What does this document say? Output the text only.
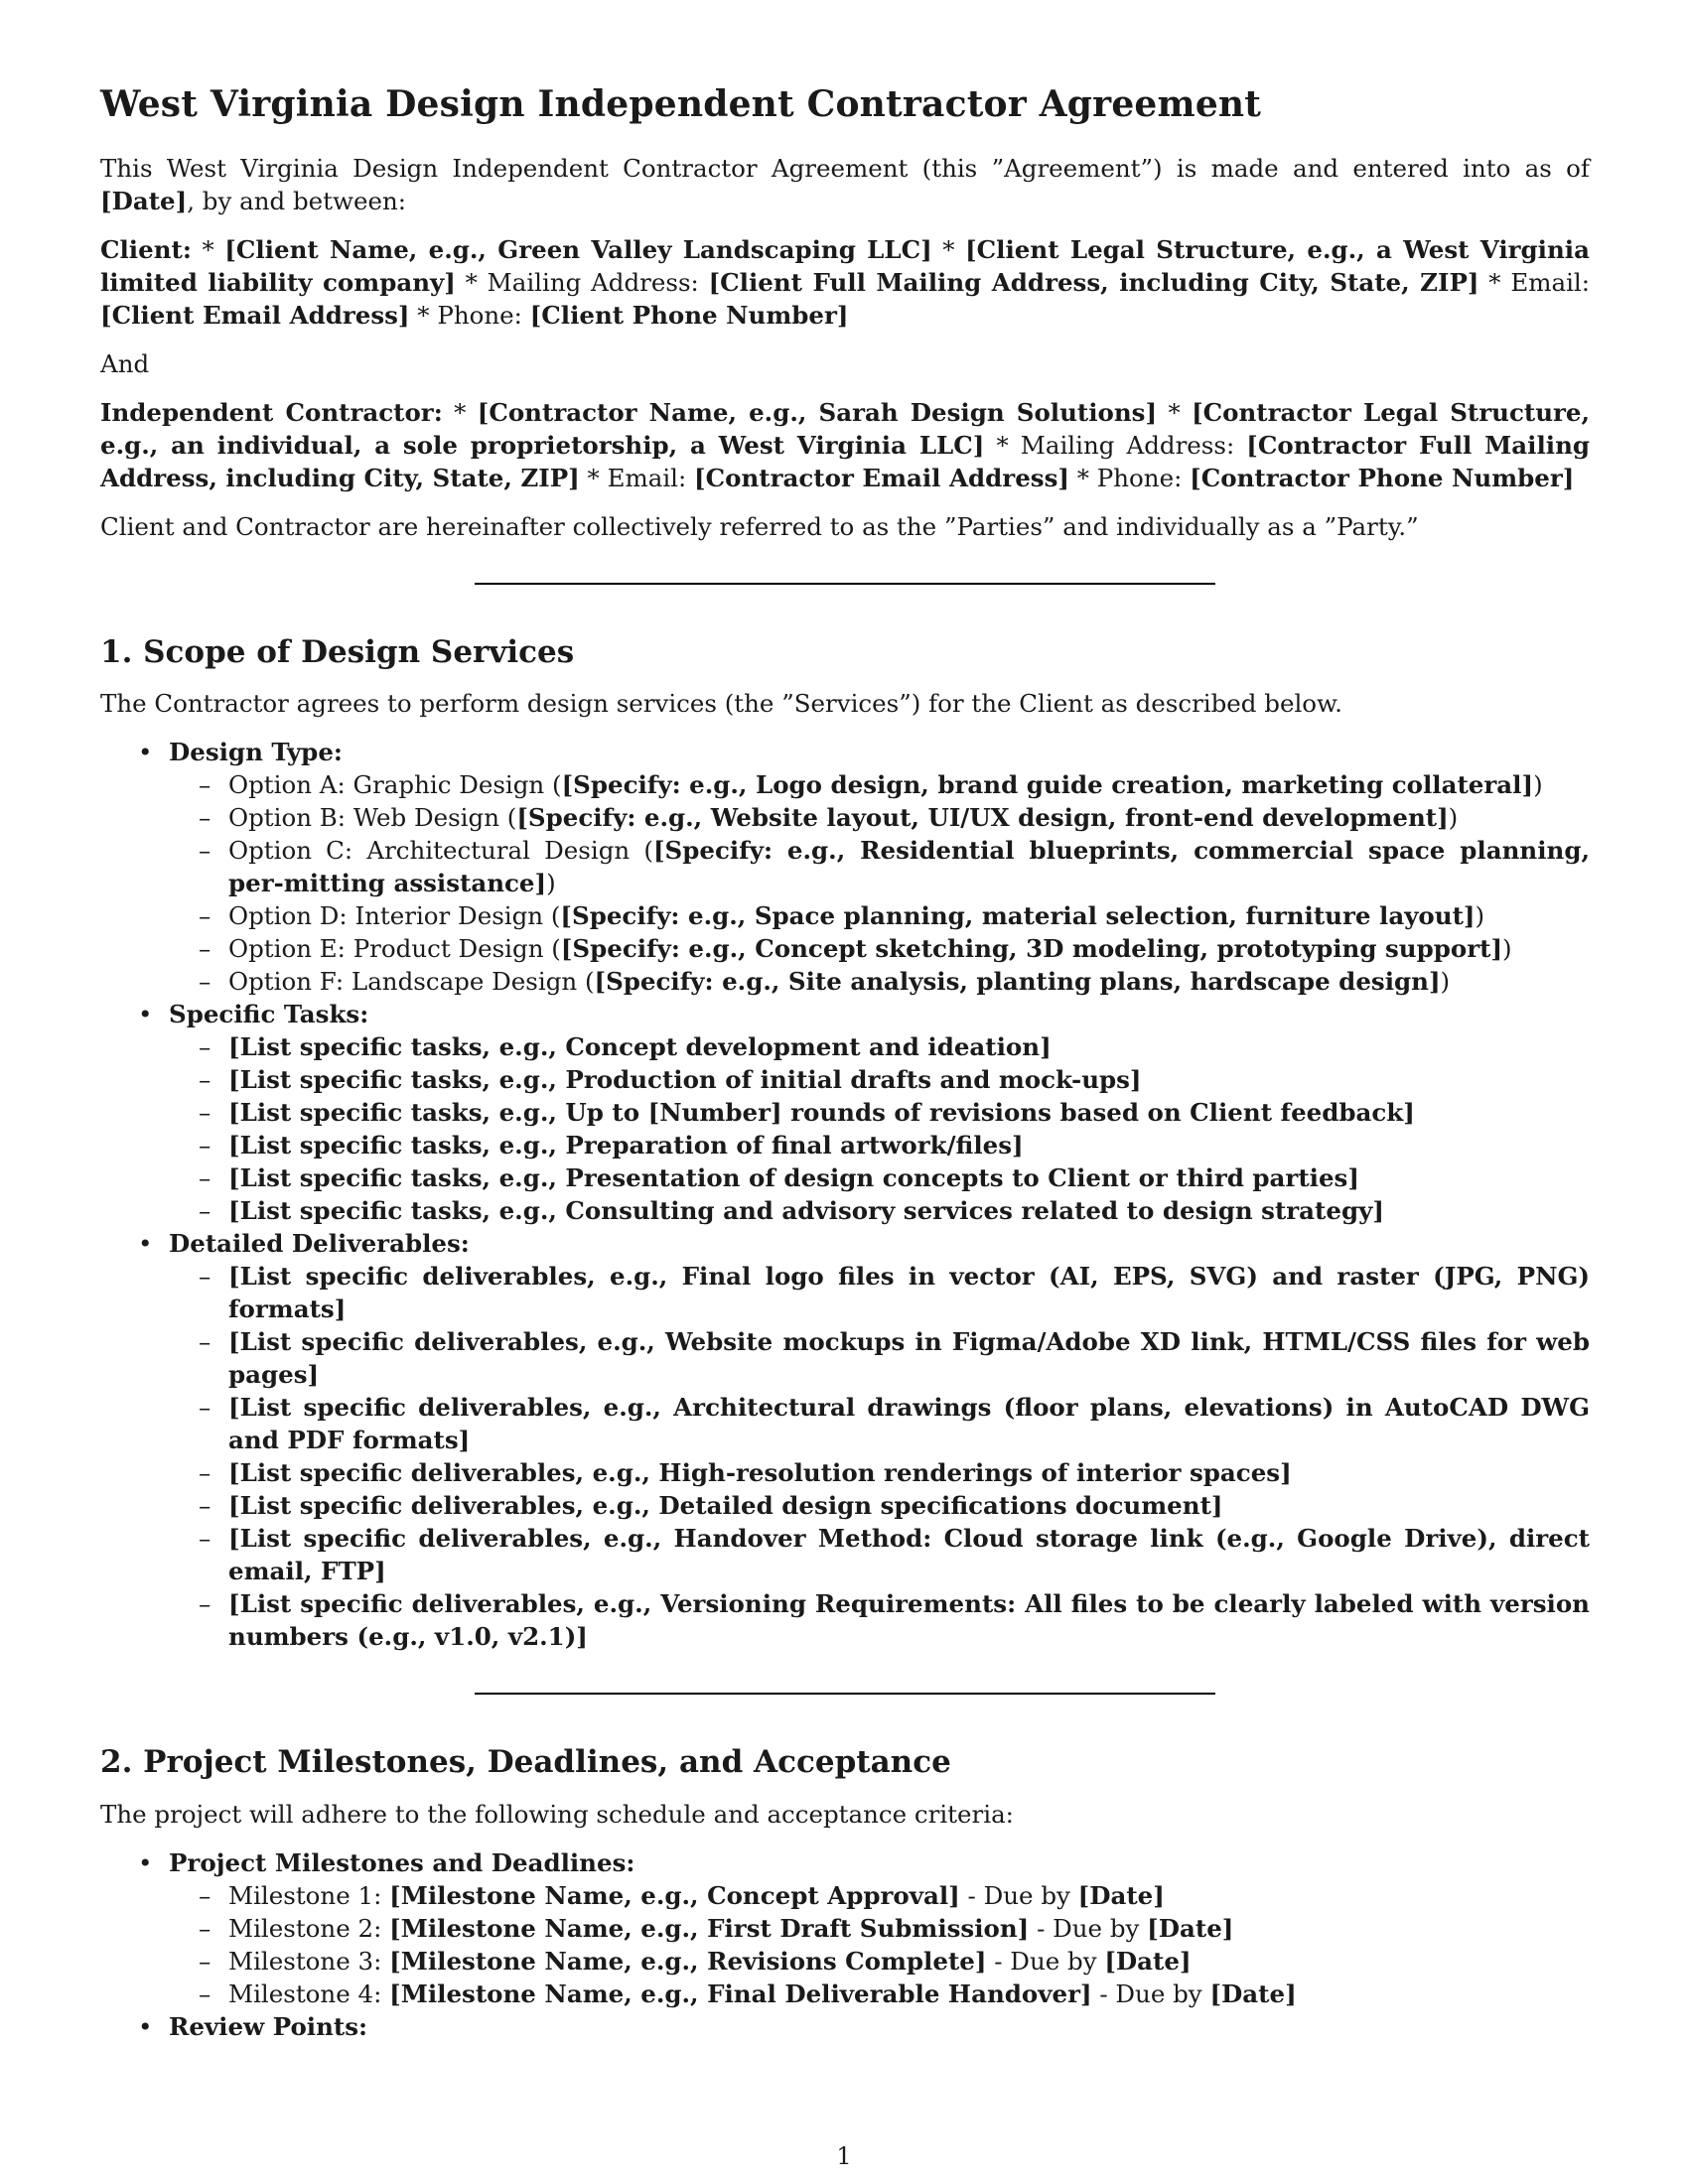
West Virginia Design Independent Contractor Agreement

This West Virginia Design Independent Contractor Agreement (this ”Agreement”) is made and entered into as of [Date], by and between:

Client: * [Client Name, e.g., Green Valley Landscaping LLC] * [Client Legal Structure, e.g., a West Virginia limited liability company] * Mailing Address: [Client Full Mailing Address, including City, State, ZIP] * Email: [Client Email Address] * Phone: [Client Phone Number]

And

Independent Contractor: * [Contractor Name, e.g., Sarah Design Solutions] * [Contractor Legal Structure, e.g., an individual, a sole proprietorship, a West Virginia LLC] * Mailing Address: [Contractor Full Mailing Address, including City, State, ZIP] * Email: [Contractor Email Address] * Phone: [Contractor Phone Number]

Client and Contractor are hereinafter collectively referred to as the ”Parties” and individually as a ”Party.”

1. Scope of Design Services

The Contractor agrees to perform design services (the ”Services”) for the Client as described below.

• Design Type:
– Option A: Graphic Design ([Specify: e.g., Logo design, brand guide creation, marketing collateral])
– Option B: Web Design ([Specify: e.g., Website layout, UI/UX design, front-end development])
– Option C: Architectural Design ([Specify: e.g., Residential blueprints, commercial space planning, per-mitting assistance])
– Option D: Interior Design ([Specify: e.g., Space planning, material selection, furniture layout])
– Option E: Product Design ([Specify: e.g., Concept sketching, 3D modeling, prototyping support])
– Option F: Landscape Design ([Specify: e.g., Site analysis, planting plans, hardscape design])
• Specific Tasks:
– [List specific tasks, e.g., Concept development and ideation]
– [List specific tasks, e.g., Production of initial drafts and mock-ups]
– [List specific tasks, e.g., Up to [Number] rounds of revisions based on Client feedback]
– [List specific tasks, e.g., Preparation of final artwork/files]
– [List specific tasks, e.g., Presentation of design concepts to Client or third parties]
– [List specific tasks, e.g., Consulting and advisory services related to design strategy]
• Detailed Deliverables:
– [List specific deliverables, e.g., Final logo files in vector (AI, EPS, SVG) and raster (JPG, PNG) formats]
– [List specific deliverables, e.g., Website mockups in Figma/Adobe XD link, HTML/CSS files for web pages]
– [List specific deliverables, e.g., Architectural drawings (floor plans, elevations) in AutoCAD DWG and PDF formats]
– [List specific deliverables, e.g., High-resolution renderings of interior spaces]
– [List specific deliverables, e.g., Detailed design specifications document]
– [List specific deliverables, e.g., Handover Method: Cloud storage link (e.g., Google Drive), direct email, FTP]
– [List specific deliverables, e.g., Versioning Requirements: All files to be clearly labeled with version numbers (e.g., v1.0, v2.1)]
2. Project Milestones, Deadlines, and Acceptance

The project will adhere to the following schedule and acceptance criteria:

• Project Milestones and Deadlines:
– Milestone 1: [Milestone Name, e.g., Concept Approval] - Due by [Date]
– Milestone 2: [Milestone Name, e.g., First Draft Submission] - Due by [Date]
– Milestone 3: [Milestone Name, e.g., Revisions Complete] - Due by [Date]
– Milestone 4: [Milestone Name, e.g., Final Deliverable Handover] - Due by [Date]
• Review Points:
1
